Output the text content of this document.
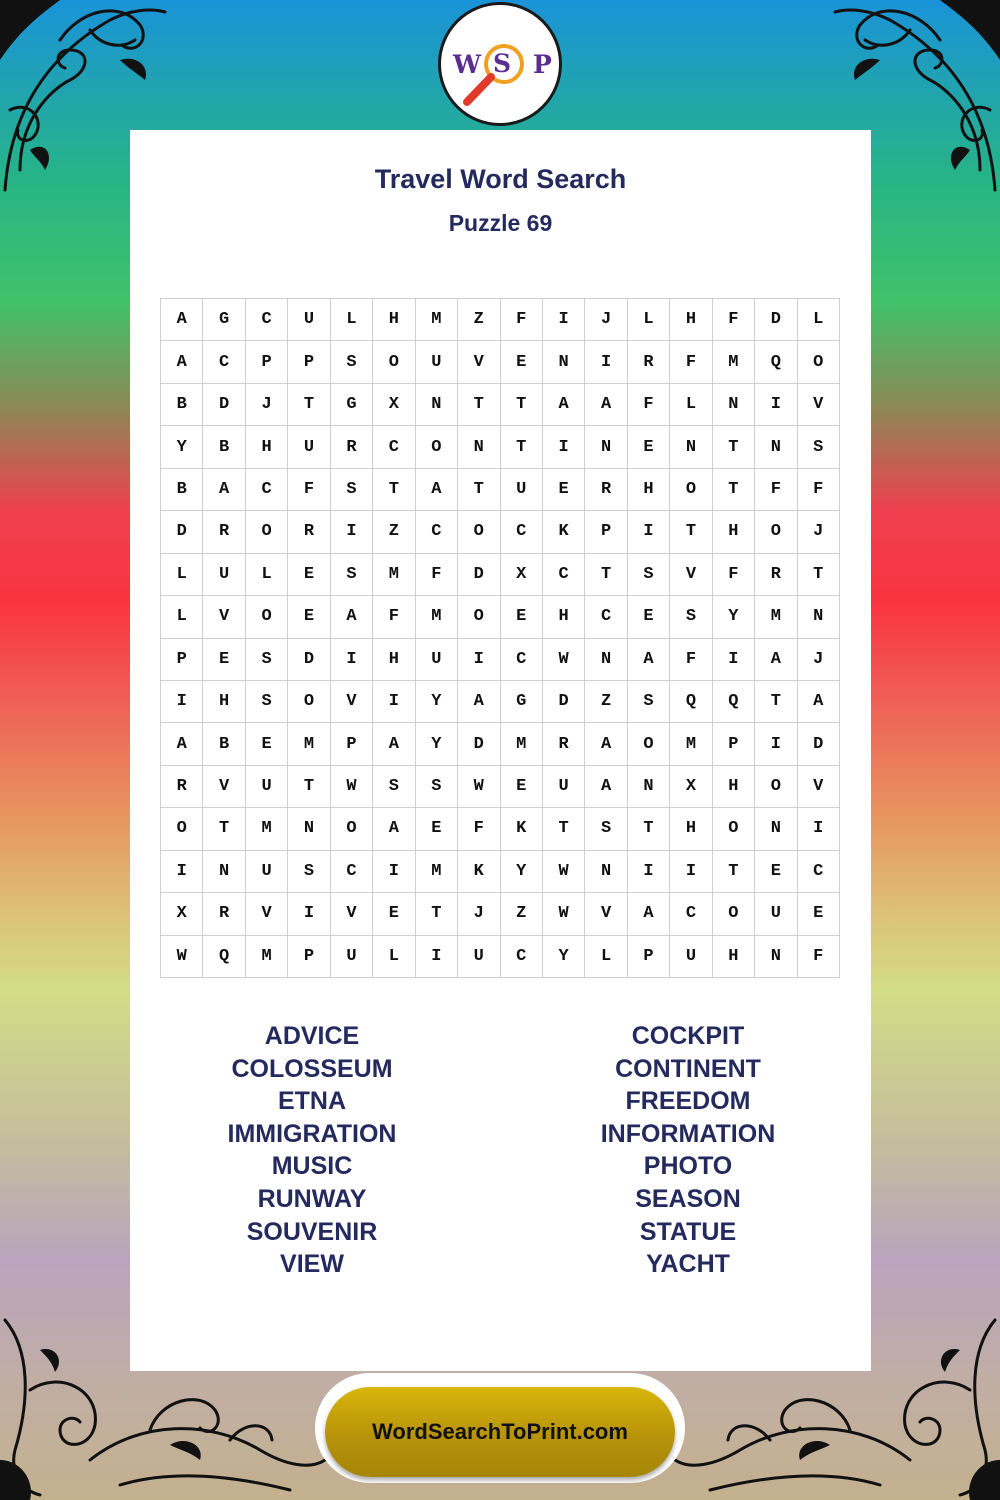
W S P
Travel Word Search
Puzzle 69
A	G	C	U	L	H	M	Z	F	I	J	L	H	F	D	L
A	C	P	P	S	O	U	V	E	N	I	R	F	M	Q	O
B	D	J	T	G	X	N	T	T	A	A	F	L	N	I	V
Y	B	H	U	R	C	O	N	T	I	N	E	N	T	N	S
B	A	C	F	S	T	A	T	U	E	R	H	O	T	F	F
D	R	O	R	I	Z	C	O	C	K	P	I	T	H	O	J
L	U	L	E	S	M	F	D	X	C	T	S	V	F	R	T
L	V	O	E	A	F	M	O	E	H	C	E	S	Y	M	N
P	E	S	D	I	H	U	I	C	W	N	A	F	I	A	J
I	H	S	O	V	I	Y	A	G	D	Z	S	Q	Q	T	A
A	B	E	M	P	A	Y	D	M	R	A	O	M	P	I	D
R	V	U	T	W	S	S	W	E	U	A	N	X	H	O	V
O	T	M	N	O	A	E	F	K	T	S	T	H	O	N	I
I	N	U	S	C	I	M	K	Y	W	N	I	I	T	E	C
X	R	V	I	V	E	T	J	Z	W	V	A	C	O	U	E
W	Q	M	P	U	L	I	U	C	Y	L	P	U	H	N	F
ADVICE
COLOSSEUM
ETNA
IMMIGRATION
MUSIC
RUNWAY
SOUVENIR
VIEW
COCKPIT
CONTINENT
FREEDOM
INFORMATION
PHOTO
SEASON
STATUE
YACHT
WordSearchToPrint.com
